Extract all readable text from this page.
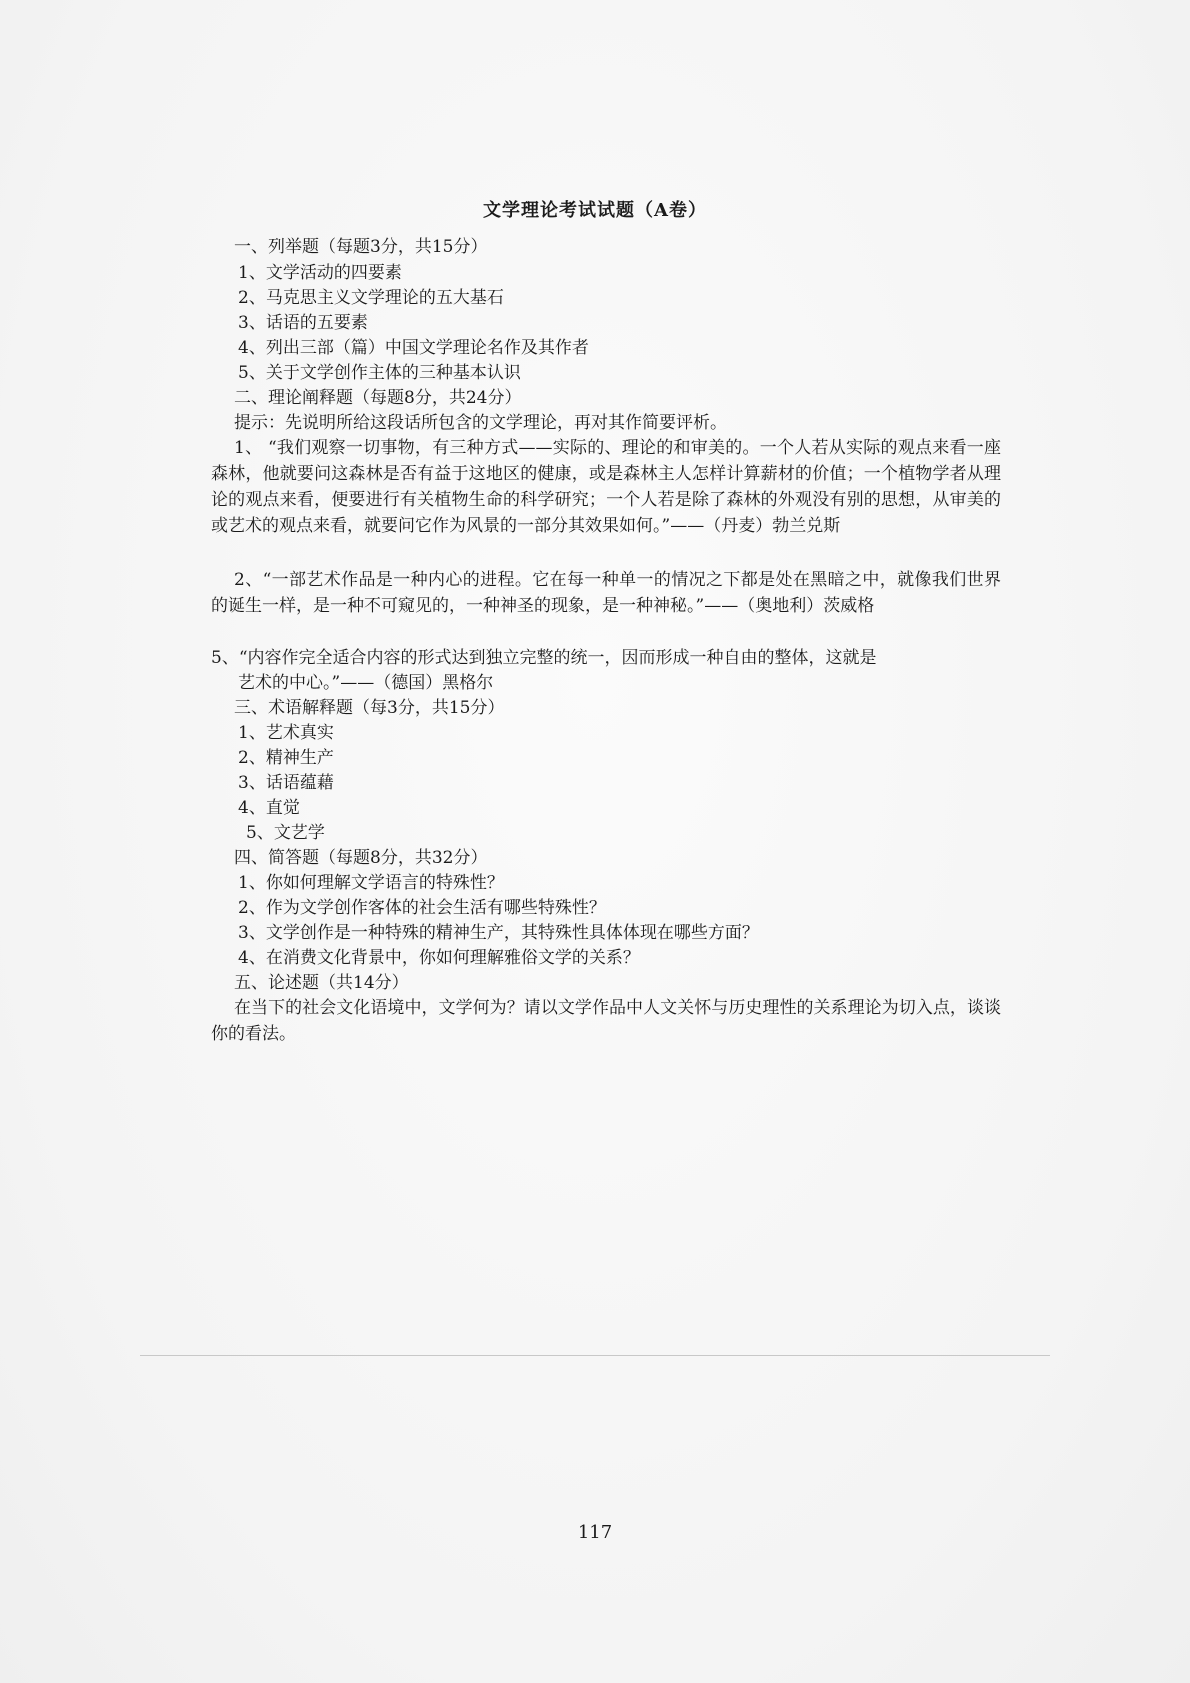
文学理论考试试题（A卷）
一、列举题（每题3分，共15分）
1、文学活动的四要素
2、马克思主义文学理论的五大基石
3、话语的五要素
4、列出三部（篇）中国文学理论名作及其作者
5、关于文学创作主体的三种基本认识
二、理论阐释题（每题8分，共24分）
提示：先说明所给这段话所包含的文学理论，再对其作简要评析。
1、 “我们观察一切事物，有三种方式——实际的、理论的和审美的。一个人若从实际的观点来看一座森林，他就要问这森林是否有益于这地区的健康，或是森林主人怎样计算薪材的价值；一个植物学者从理论的观点来看，便要进行有关植物生命的科学研究；一个人若是除了森林的外观没有别的思想，从审美的或艺术的观点来看，就要问它作为风景的一部分其效果如何。”——（丹麦）勃兰兑斯
2、“一部艺术作品是一种内心的进程。它在每一种单一的情况之下都是处在黑暗之中，就像我们世界的诞生一样，是一种不可窥见的，一种神圣的现象，是一种神秘。”——（奥地利）茨威格
5、“内容作完全适合内容的形式达到独立完整的统一，因而形成一种自由的整体，这就是
艺术的中心。”——（德国）黑格尔
三、术语解释题（每3分，共15分）
1、艺术真实
2、精神生产
3、话语蕴藉
4、直觉
5、文艺学
四、简答题（每题8分，共32分）
1、你如何理解文学语言的特殊性？
2、作为文学创作客体的社会生活有哪些特殊性？
3、文学创作是一种特殊的精神生产，其特殊性具体体现在哪些方面？
4、在消费文化背景中，你如何理解雅俗文学的关系？
五、论述题（共14分）
在当下的社会文化语境中，文学何为？请以文学作品中人文关怀与历史理性的关系理论为切入点，谈谈你的看法。
117
